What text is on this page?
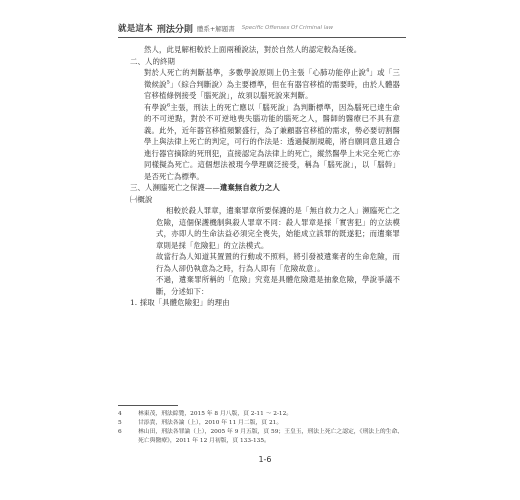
就是這本 刑法分則 體系+解題書 Specific Offenses Of Criminal law

然人，此見解相較於上面兩種說法，對於自然人的認定較為延後。

二、人的終期

對於人死亡的判斷基準，多數學說原則上仍主張「心肺功能停止說$^4$」或「三徵候說$^5$」（綜合判斷說）為主要標準，但在有器官移植的需要時，由於人體器官移植條例接受「腦死說」，故須以腦死說來判斷。

有學說$^6$主張，刑法上的死亡應以「腦死說」為判斷標準，因為腦死已達生命的不可逆點，對於不可逆地喪失腦功能的腦死之人，醫師的醫療已不具有意義。此外，近年器官移植頻繁盛行，為了兼顧器官移植的需求，勢必要切割醫學上與法律上死亡的判定，可行的作法是：透過擬制規範，將自願同意且適合進行器官摘除的死刑犯，直接認定為法律上的死亡，縱然醫學上未完全死亡亦同樣擬為死亡。這個想法被現今學理廣泛接受，稱為「腦死說」，以「腦幹」是否死亡為標準。

三、人瀕臨死亡之保護——遺棄無自救力之人

㈠概說

相較於殺人罪章，遺棄罪章所要保護的是「無自救力之人」瀕臨死亡之危險，這個保護機制與殺人罪章不同：殺人罪章是採「實害犯」的立法模式，亦即人的生命法益必須完全喪失，始能成立該罪的既遂犯；而遺棄罪章則是採「危險犯」的立法模式。

故當行為人知道其置置的行動或不照料，將引發被遺棄者的生命危險，而行為人卻仍執意為之時，行為人即有「危險故意」。

不過，遺棄罪所稱的「危險」究竟是具體危險還是抽象危險，學說爭議不斷，分述如下：

1. 採取「具體危險犯」的理由

4	林東茂，刑法綜覽，2015 年 8 月八版，頁 2-11 ～ 2-12。
5	甘添貴，刑法各論（上），2010 年 11 月二版，頁 21。
6	林山田，刑法各罪論（上），2005 年 9 月五版，頁 59；王皇玉，刑法上死亡之認定，《刑法上的生命、死亡與醫療》，2011 年 12 月初版，頁 133-135。
1-6
